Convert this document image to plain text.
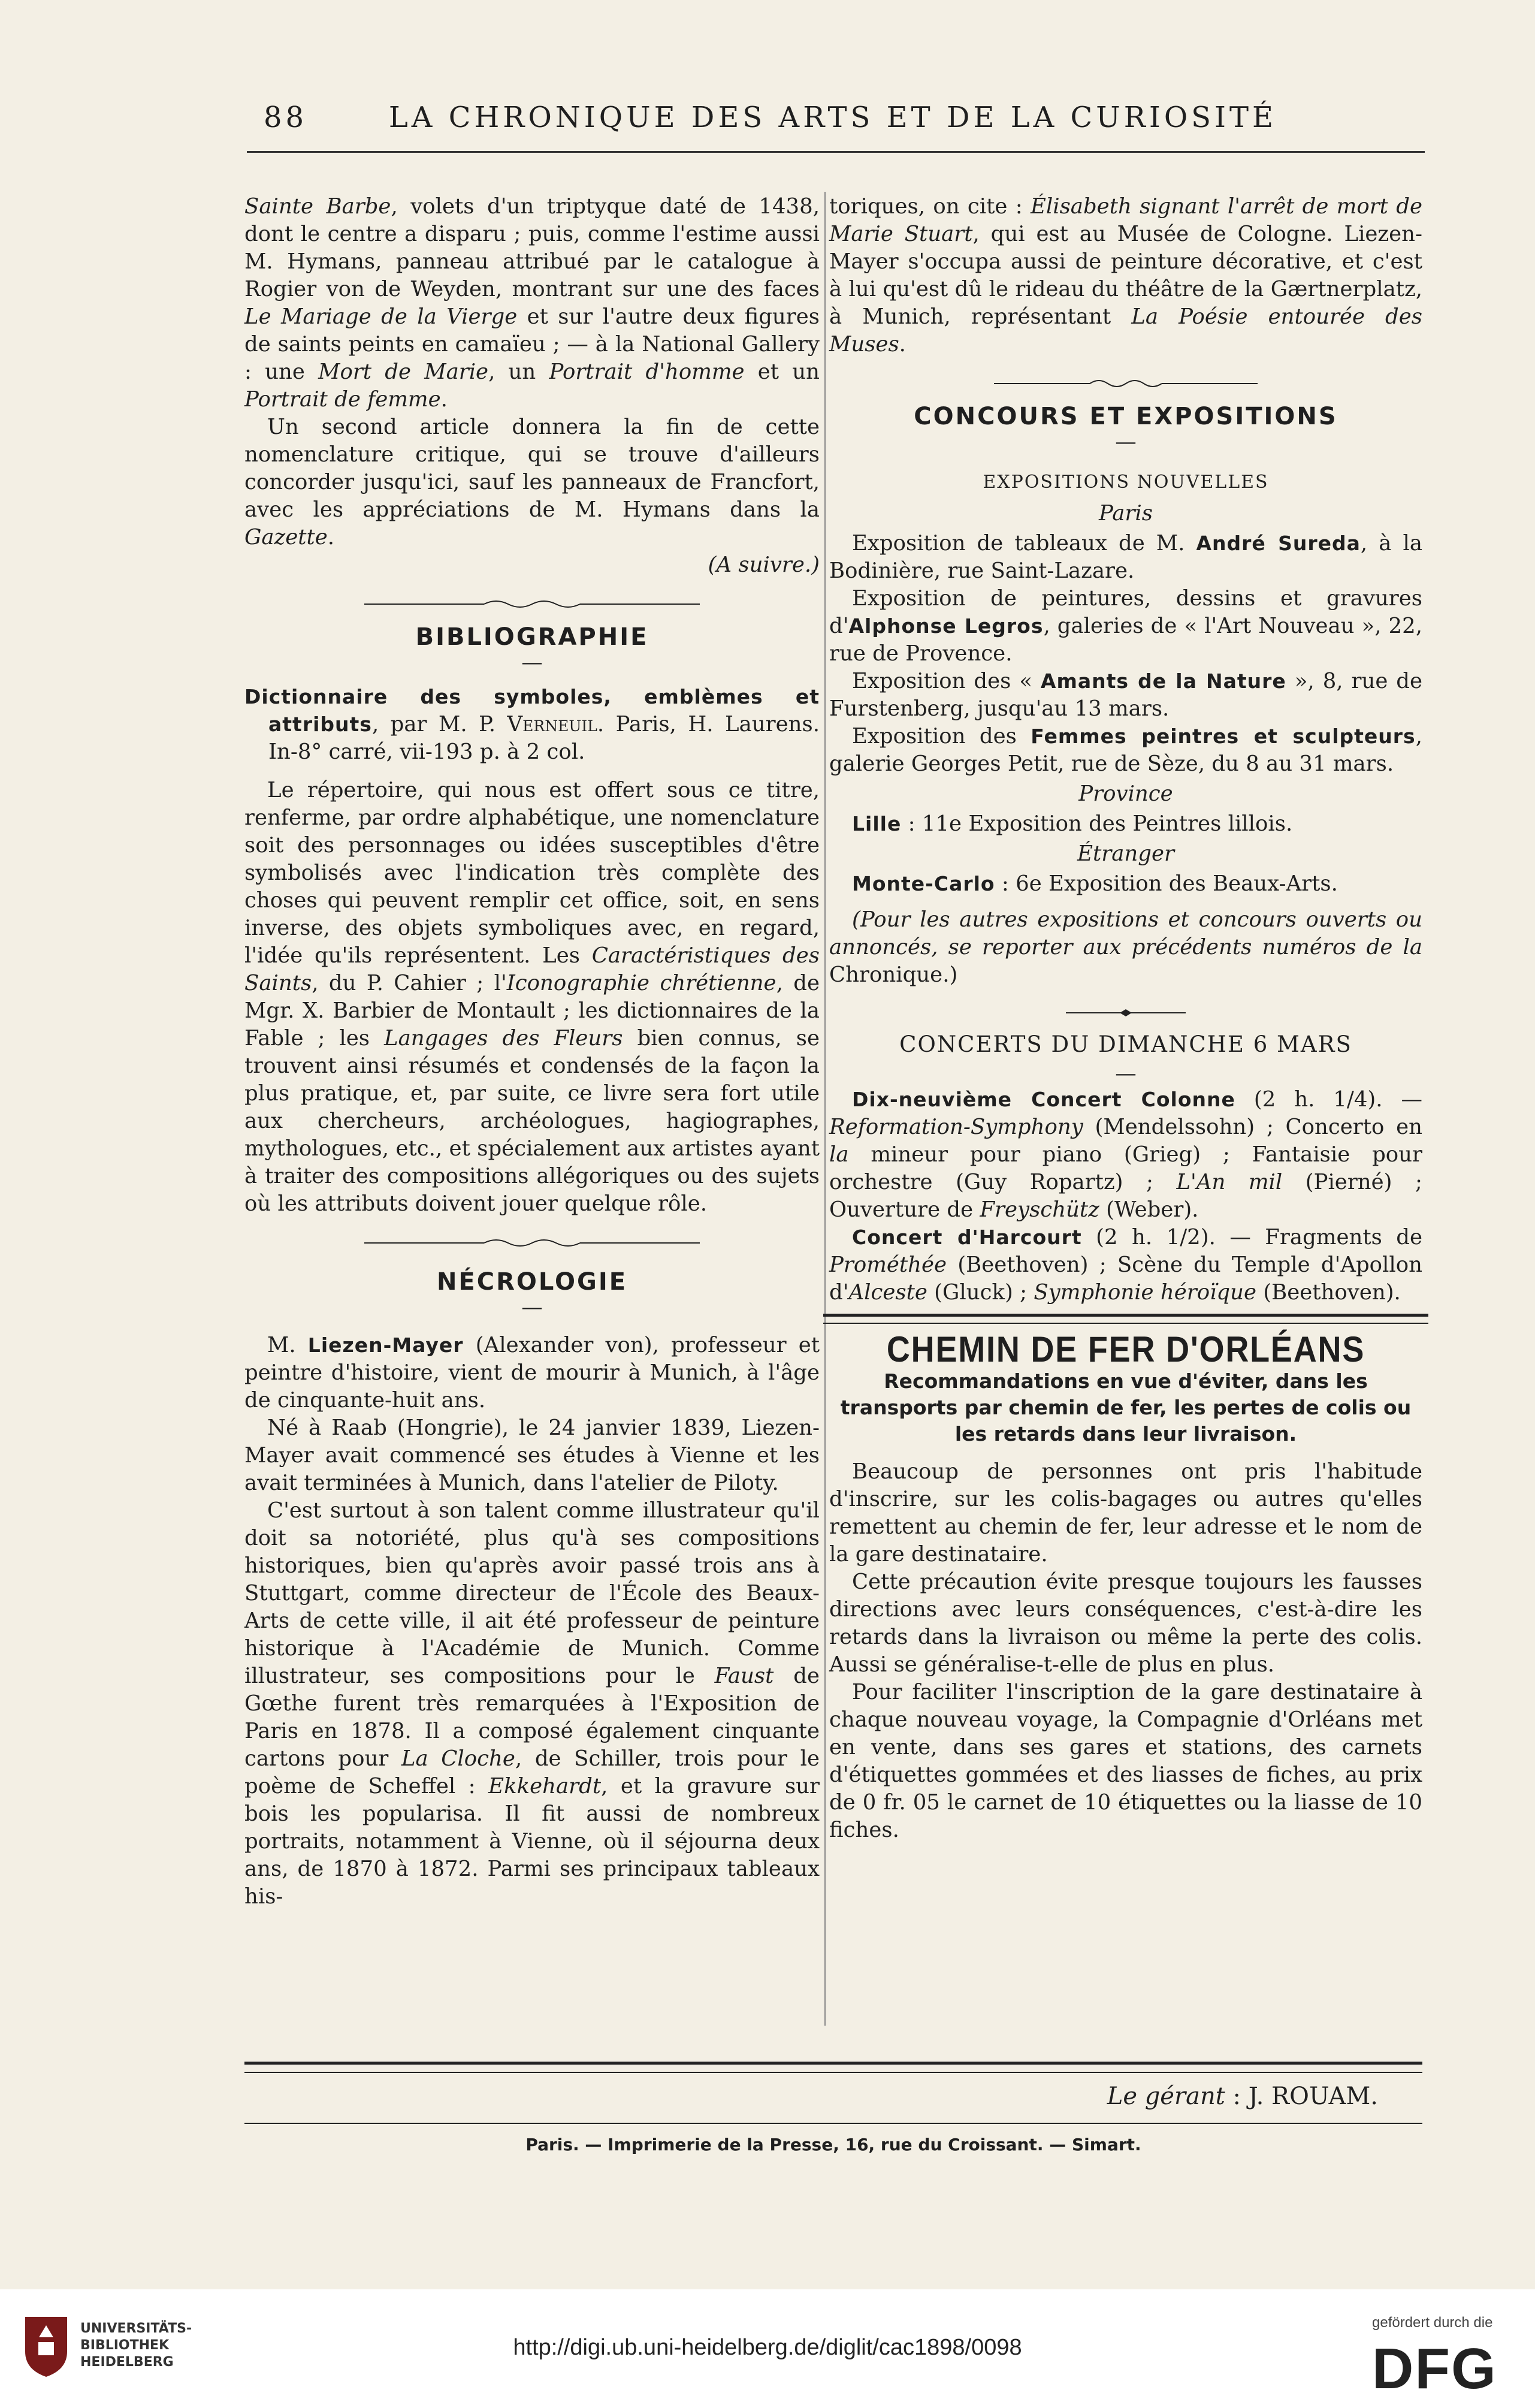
88	LA CHRONIQUE DES ARTS ET DE LA CURIOSITÉ

Sainte Barbe, volets d'un triptyque daté de 1438, dont le centre a disparu ; puis, comme l'estime aussi M. Hymans, panneau attribué par le catalogue à Rogier von de Weyden, montrant sur une des faces Le Mariage de la Vierge et sur l'autre deux figures de saints peints en camaïeu ; — à la National Gallery : une Mort de Marie, un Portrait d'homme et un Portrait de femme.

Un second article donnera la fin de cette nomenclature critique, qui se trouve d'ailleurs concorder jusqu'ici, sauf les panneaux de Francfort, avec les appréciations de M. Hymans dans la Gazette.

(A suivre.)

BIBLIOGRAPHIE

—

Dictionnaire des symboles, emblèmes et attributs, par M. P. Verneuil. Paris, H. Laurens. In-8° carré, vii-193 p. à 2 col.

Le répertoire, qui nous est offert sous ce titre, renferme, par ordre alphabétique, une nomenclature soit des personnages ou idées susceptibles d'être symbolisés avec l'indication très complète des choses qui peuvent remplir cet office, soit, en sens inverse, des objets symboliques avec, en regard, l'idée qu'ils représentent. Les Caractéristiques des Saints, du P. Cahier ; l'Iconographie chrétienne, de Mgr. X. Barbier de Montault ; les dictionnaires de la Fable ; les Langages des Fleurs bien connus, se trouvent ainsi résumés et condensés de la façon la plus pratique, et, par suite, ce livre sera fort utile aux chercheurs, archéologues, hagiographes, mythologues, etc., et spécialement aux artistes ayant à traiter des compositions allégoriques ou des sujets où les attributs doivent jouer quelque rôle.

NÉCROLOGIE

—

M. Liezen-Mayer (Alexander von), professeur et peintre d'histoire, vient de mourir à Munich, à l'âge de cinquante-huit ans.

Né à Raab (Hongrie), le 24 janvier 1839, Liezen-Mayer avait commencé ses études à Vienne et les avait terminées à Munich, dans l'atelier de Piloty.

C'est surtout à son talent comme illustrateur qu'il doit sa notoriété, plus qu'à ses compositions historiques, bien qu'après avoir passé trois ans à Stuttgart, comme directeur de l'École des Beaux-Arts de cette ville, il ait été professeur de peinture historique à l'Académie de Munich. Comme illustrateur, ses compositions pour le Faust de Gœthe furent très remarquées à l'Exposition de Paris en 1878. Il a composé également cinquante cartons pour La Cloche, de Schiller, trois pour le poème de Scheffel : Ekkehardt, et la gravure sur bois les popularisa. Il fit aussi de nombreux portraits, notamment à Vienne, où il séjourna deux ans, de 1870 à 1872. Parmi ses principaux tableaux his-

toriques, on cite : Élisabeth signant l'arrêt de mort de Marie Stuart, qui est au Musée de Cologne. Liezen-Mayer s'occupa aussi de peinture décorative, et c'est à lui qu'est dû le rideau du théâtre de la Gærtnerplatz, à Munich, représentant La Poésie entourée des Muses.

CONCOURS ET EXPOSITIONS

—

EXPOSITIONS NOUVELLES

Paris

Exposition de tableaux de M. André Sureda, à la Bodinière, rue Saint-Lazare.

Exposition de peintures, dessins et gravures d'Alphonse Legros, galeries de « l'Art Nouveau », 22, rue de Provence.

Exposition des « Amants de la Nature », 8, rue de Furstenberg, jusqu'au 13 mars.

Exposition des Femmes peintres et sculpteurs, galerie Georges Petit, rue de Sèze, du 8 au 31 mars.

Province

Lille : 11e Exposition des Peintres lillois.

Étranger

Monte-Carlo : 6e Exposition des Beaux-Arts.

(Pour les autres expositions et concours ouverts ou annoncés, se reporter aux précédents numéros de la Chronique.)

CONCERTS DU DIMANCHE 6 MARS

—

Dix-neuvième Concert Colonne (2 h. 1/4). — Reformation-Symphony (Mendelssohn) ; Concerto en la mineur pour piano (Grieg) ; Fantaisie pour orchestre (Guy Ropartz) ; L'An mil (Pierné) ; Ouverture de Freyschütz (Weber).

Concert d'Harcourt (2 h. 1/2). — Fragments de Prométhée (Beethoven) ; Scène du Temple d'Apollon d'Alceste (Gluck) ; Symphonie héroïque (Beethoven).

CHEMIN DE FER D'ORLÉANS

Recommandations en vue d'éviter, dans les transports par chemin de fer, les pertes de colis ou les retards dans leur livraison.

Beaucoup de personnes ont pris l'habitude d'inscrire, sur les colis-bagages ou autres qu'elles remettent au chemin de fer, leur adresse et le nom de la gare destinataire.

Cette précaution évite presque toujours les fausses directions avec leurs conséquences, c'est-à-dire les retards dans la livraison ou même la perte des colis. Aussi se généralise-t-elle de plus en plus.

Pour faciliter l'inscription de la gare destinataire à chaque nouveau voyage, la Compagnie d'Orléans met en vente, dans ses gares et stations, des carnets d'étiquettes gommées et des liasses de fiches, au prix de 0 fr. 05 le carnet de 10 étiquettes ou la liasse de 10 fiches.

Le gérant : J. ROUAM.
Paris. — Imprimerie de la Presse, 16, rue du Croissant. — Simart.
UNIVERSITÄTS-
BIBLIOTHEK
HEIDELBERG
http://digi.ub.uni-heidelberg.de/diglit/cac1898/0098
gefördert durch die
DFG
